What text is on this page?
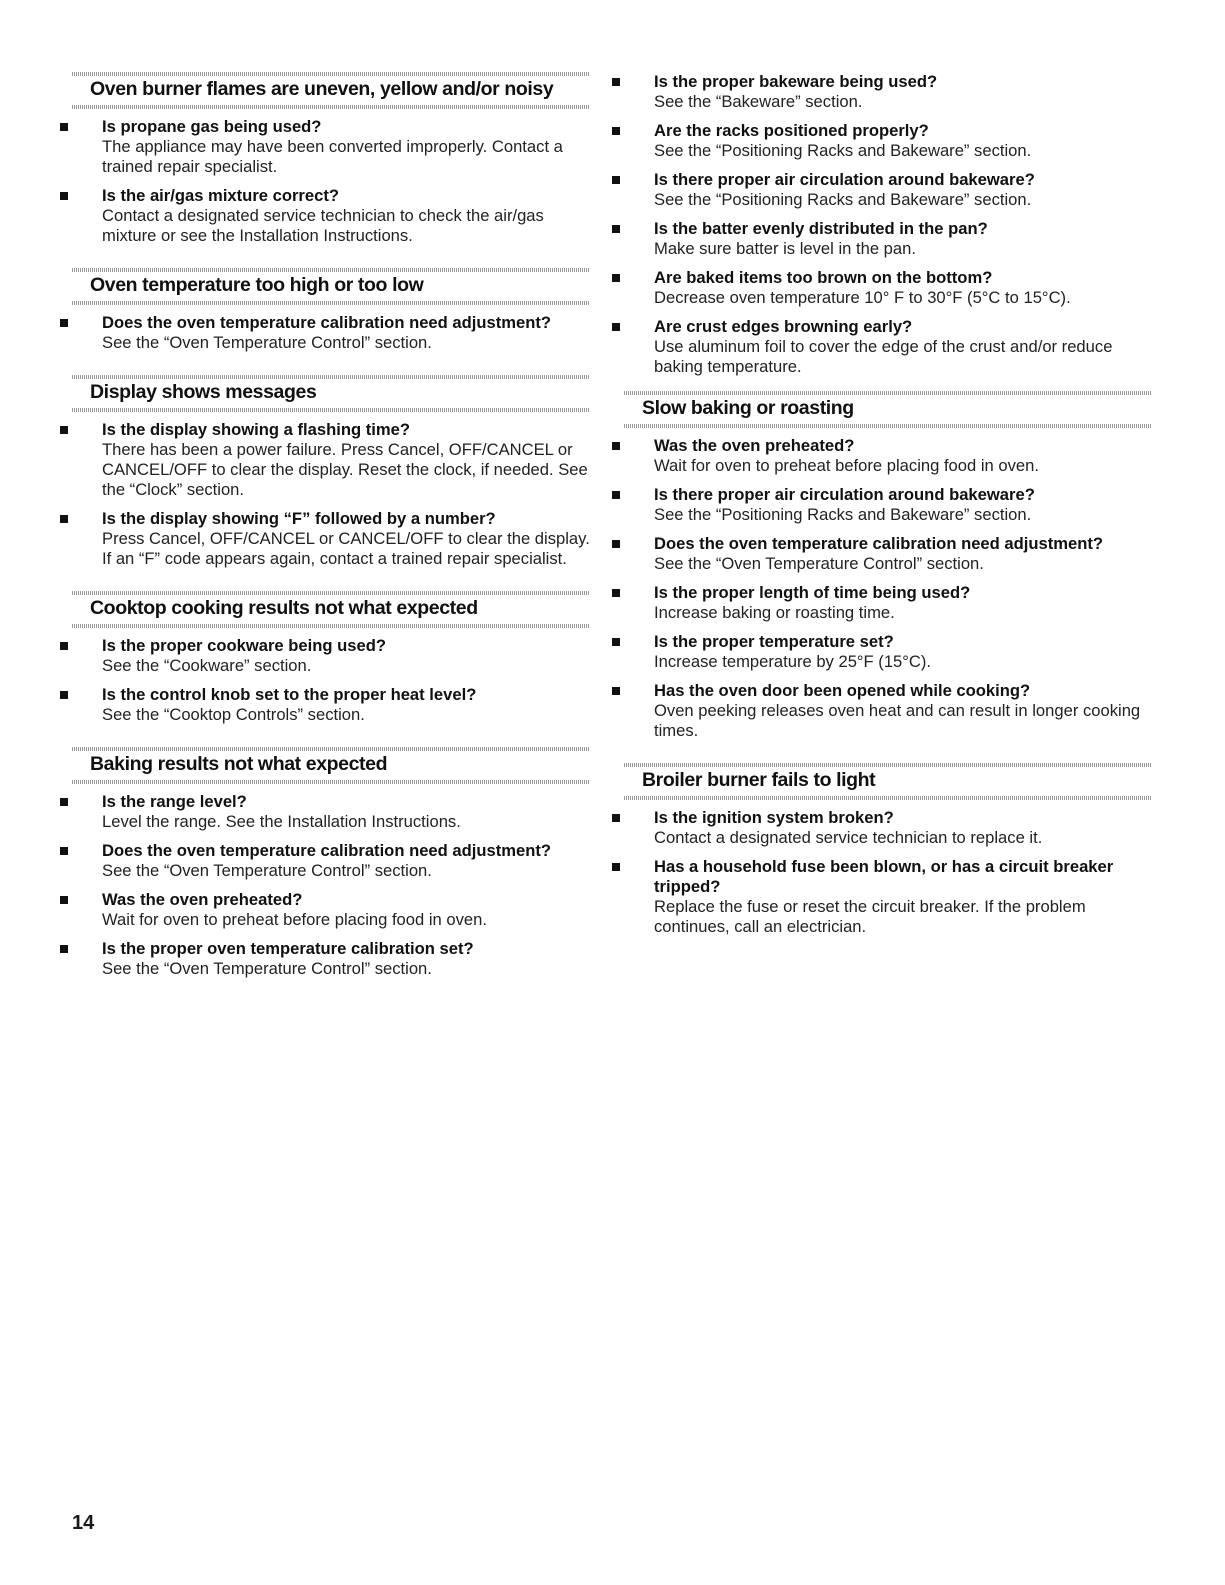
Oven burner flames are uneven, yellow and/or noisy
Is propane gas being used?
The appliance may have been converted improperly. Contact a trained repair specialist.
Is the air/gas mixture correct?
Contact a designated service technician to check the air/gas mixture or see the Installation Instructions.
Oven temperature too high or too low
Does the oven temperature calibration need adjustment?
See the “Oven Temperature Control” section.
Display shows messages
Is the display showing a flashing time?
There has been a power failure. Press Cancel, OFF/CANCEL or CANCEL/OFF to clear the display. Reset the clock, if needed. See the “Clock” section.
Is the display showing “F” followed by a number?
Press Cancel, OFF/CANCEL or CANCEL/OFF to clear the display. If an “F” code appears again, contact a trained repair specialist.
Cooktop cooking results not what expected
Is the proper cookware being used?
See the “Cookware” section.
Is the control knob set to the proper heat level?
See the “Cooktop Controls” section.
Baking results not what expected
Is the range level?
Level the range. See the Installation Instructions.
Does the oven temperature calibration need adjustment?
See the “Oven Temperature Control” section.
Was the oven preheated?
Wait for oven to preheat before placing food in oven.
Is the proper oven temperature calibration set?
See the “Oven Temperature Control” section.
Is the proper bakeware being used?
See the “Bakeware” section.
Are the racks positioned properly?
See the “Positioning Racks and Bakeware” section.
Is there proper air circulation around bakeware?
See the “Positioning Racks and Bakeware” section.
Is the batter evenly distributed in the pan?
Make sure batter is level in the pan.
Are baked items too brown on the bottom?
Decrease oven temperature 10° F to 30°F (5°C to 15°C).
Are crust edges browning early?
Use aluminum foil to cover the edge of the crust and/or reduce baking temperature.
Slow baking or roasting
Was the oven preheated?
Wait for oven to preheat before placing food in oven.
Is there proper air circulation around bakeware?
See the “Positioning Racks and Bakeware” section.
Does the oven temperature calibration need adjustment?
See the “Oven Temperature Control” section.
Is the proper length of time being used?
Increase baking or roasting time.
Is the proper temperature set?
Increase temperature by 25°F (15°C).
Has the oven door been opened while cooking?
Oven peeking releases oven heat and can result in longer cooking times.
Broiler burner fails to light
Is the ignition system broken?
Contact a designated service technician to replace it.
Has a household fuse been blown, or has a circuit breaker tripped?
Replace the fuse or reset the circuit breaker. If the problem continues, call an electrician.
14
